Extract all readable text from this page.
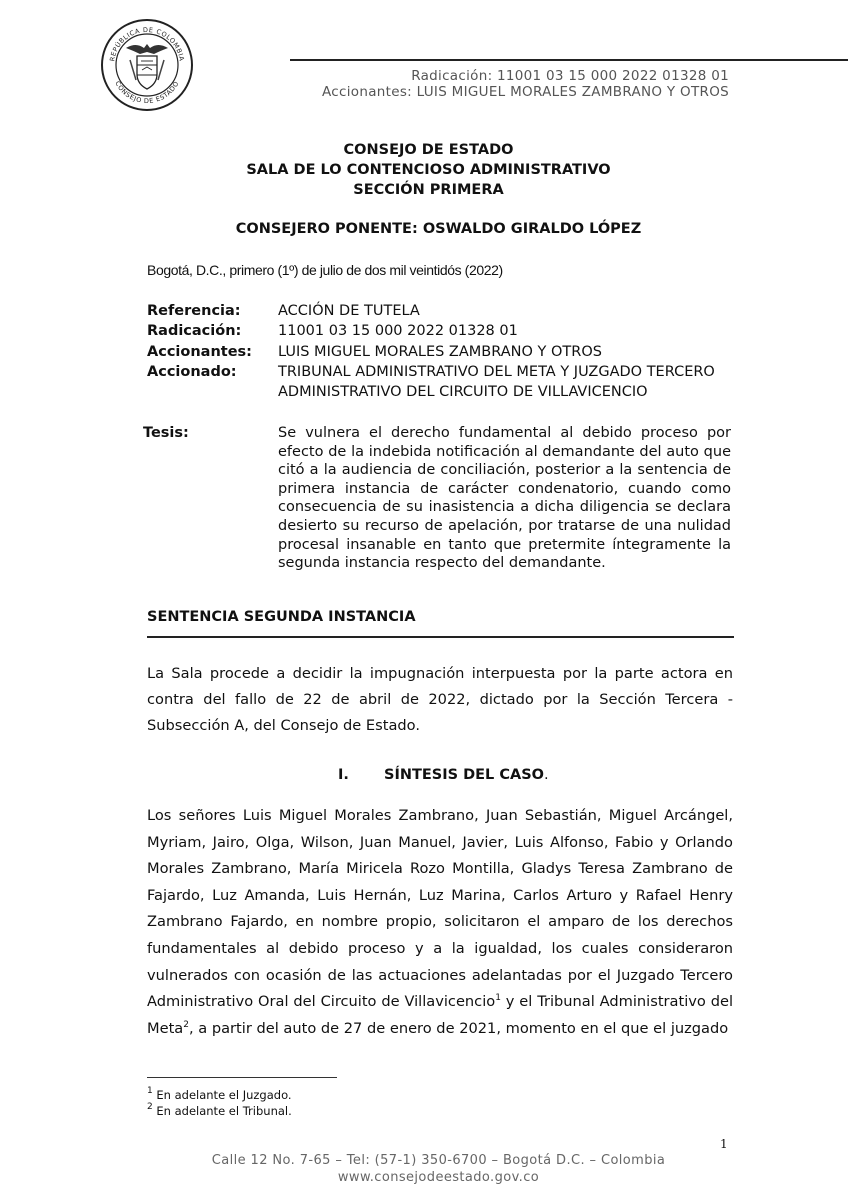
REPÚBLICA DE COLOMBIA
CONSEJO DE ESTADO
Radicación: 11001 03 15 000 2022 01328 01
Accionantes: LUIS MIGUEL MORALES ZAMBRANO Y OTROS
CONSEJO DE ESTADO
SALA DE LO CONTENCIOSO ADMINISTRATIVO
SECCIÓN PRIMERA
CONSEJERO PONENTE: OSWALDO GIRALDO LÓPEZ
Bogotá, D.C., primero (1º) de julio de dos mil veintidós (2022)
Referencia:	ACCIÓN DE TUTELA
Radicación:	11001 03 15 000 2022 01328 01
Accionantes: LUIS MIGUEL MORALES ZAMBRANO Y OTROS
Accionado:	TRIBUNAL ADMINISTRATIVO DEL META Y JUZGADO TERCERO
ADMINISTRATIVO DEL CIRCUITO DE VILLAVICENCIO
Tesis:	Se vulnera el derecho fundamental al debido proceso por efecto de la indebida notificación al demandante del auto que citó a la audiencia de conciliación, posterior a la sentencia de primera instancia de carácter condenatorio, cuando como consecuencia de su inasistencia a dicha diligencia se declara desierto su recurso de apelación, por tratarse de una nulidad procesal insanable en tanto que pretermite íntegramente la segunda instancia respecto del demandante.
SENTENCIA SEGUNDA INSTANCIA
La Sala procede a decidir la impugnación interpuesta por la parte actora en contra del fallo de 22 de abril de 2022, dictado por la Sección Tercera - Subsección A, del Consejo de Estado.
I. SÍNTESIS DEL CASO.
Los señores Luis Miguel Morales Zambrano, Juan Sebastián, Miguel Arcángel, Myriam, Jairo, Olga, Wilson, Juan Manuel, Javier, Luis Alfonso, Fabio y Orlando Morales Zambrano, María Miricela Rozo Montilla, Gladys Teresa Zambrano de Fajardo, Luz Amanda, Luis Hernán, Luz Marina, Carlos Arturo y Rafael Henry Zambrano Fajardo, en nombre propio, solicitaron el amparo de los derechos fundamentales al debido proceso y a la igualdad, los cuales consideraron vulnerados con ocasión de las actuaciones adelantadas por el Juzgado Tercero Administrativo Oral del Circuito de Villavicencio$^1$ y el Tribunal Administrativo del Meta$^2$, a partir del auto de 27 de enero de 2021, momento en el que el juzgado
$^1$ En adelante el Juzgado.
$^2$ En adelante el Tribunal.
1
Calle 12 No. 7-65 – Tel: (57-1) 350-6700 – Bogotá D.C. – Colombia
www.consejodeestado.gov.co
